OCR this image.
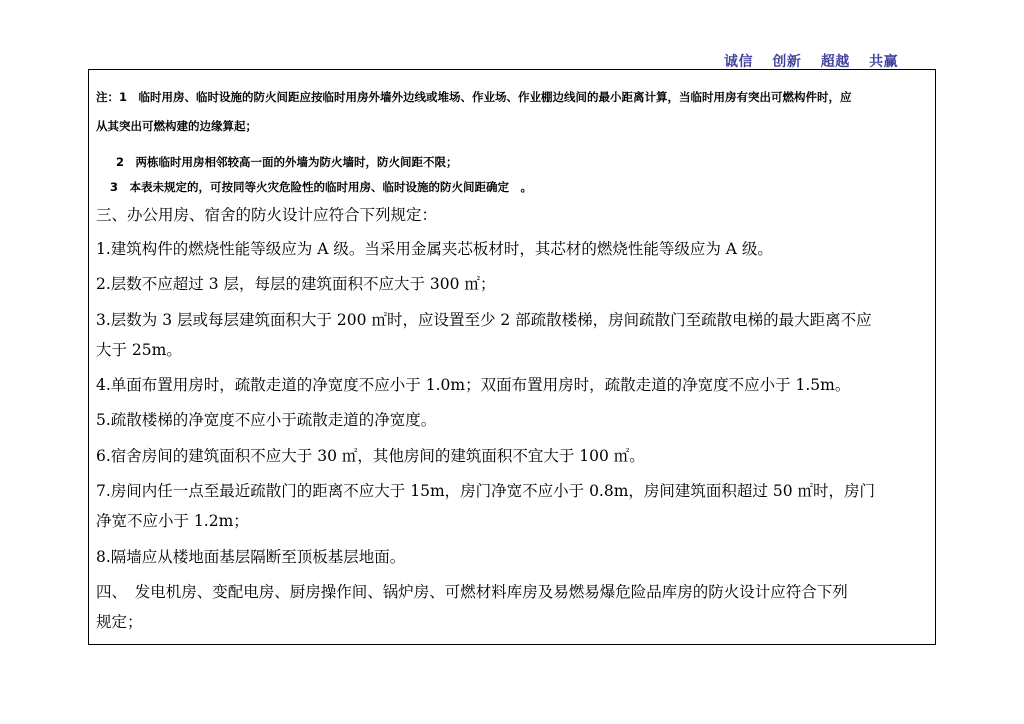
诚信 创新 超越 共赢
注：1　临时用房、临时设施的防火间距应按临时用房外墙外边线或堆场、作业场、作业棚边线间的最小距离计算，当临时用房有突出可燃构件时，应
从其突出可燃构建的边缘算起；
2　两栋临时用房相邻较高一面的外墙为防火墙时，防火间距不限；
3　本表未规定的，可按同等火灾危险性的临时用房、临时设施的防火间距确定　。
三、办公用房、宿舍的防火设计应符合下列规定：
1.建筑构件的燃烧性能等级应为 A 级。当采用金属夹芯板材时，其芯材的燃烧性能等级应为 A 级。
2.层数不应超过 3 层，每层的建筑面积不应大于 300 ㎡；
3.层数为 3 层或每层建筑面积大于 200 ㎡时，应设置至少 2 部疏散楼梯，房间疏散门至疏散电梯的最大距离不应
大于 25m。
4.单面布置用房时，疏散走道的净宽度不应小于 1.0m；双面布置用房时，疏散走道的净宽度不应小于 1.5m。
5.疏散楼梯的净宽度不应小于疏散走道的净宽度。
6.宿舍房间的建筑面积不应大于 30 ㎡，其他房间的建筑面积不宜大于 100 ㎡。
7.房间内任一点至最近疏散门的距离不应大于 15m，房门净宽不应小于 0.8m，房间建筑面积超过 50 ㎡时，房门
净宽不应小于 1.2m；
8.隔墙应从楼地面基层隔断至顶板基层地面。
四、　发电机房、变配电房、厨房操作间、锅炉房、可燃材料库房及易燃易爆危险品库房的防火设计应符合下列
规定；
